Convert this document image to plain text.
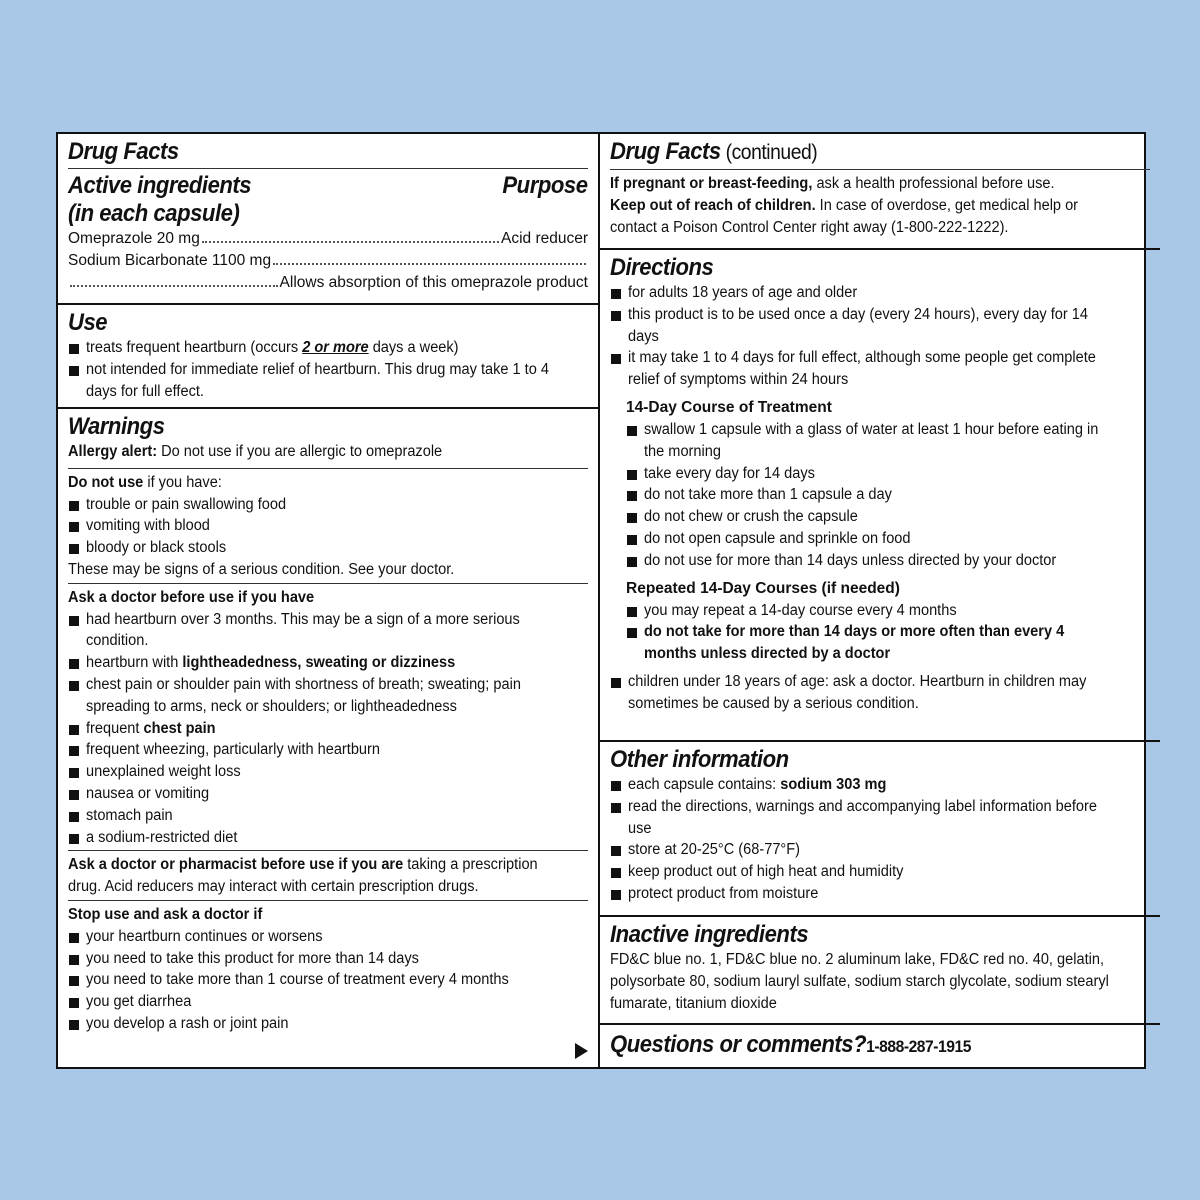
Drug Facts
Active ingredients	Purpose
(in each capsule)
Omeprazole 20 mg	Acid reducer
Sodium Bicarbonate 1100 mg
Allows absorption of this omeprazole product
Use
treats frequent heartburn (occurs 2 or more days a week)
not intended for immediate relief of heartburn. This drug may take 1 to 4 days for full effect.
Warnings
Allergy alert: Do not use if you are allergic to omeprazole
Do not use if you have:
trouble or pain swallowing food
vomiting with blood
bloody or black stools
These may be signs of a serious condition. See your doctor.
Ask a doctor before use if you have
had heartburn over 3 months. This may be a sign of a more serious condition.
heartburn with lightheadedness, sweating or dizziness
chest pain or shoulder pain with shortness of breath; sweating; pain spreading to arms, neck or shoulders; or lightheadedness
frequent chest pain
frequent wheezing, particularly with heartburn
unexplained weight loss
nausea or vomiting
stomach pain
a sodium-restricted diet
Ask a doctor or pharmacist before use if you are taking a prescription drug. Acid reducers may interact with certain prescription drugs.
Stop use and ask a doctor if
your heartburn continues or worsens
you need to take this product for more than 14 days
you need to take more than 1 course of treatment every 4 months
you get diarrhea
you develop a rash or joint pain
Drug Facts (continued)
If pregnant or breast-feeding, ask a health professional before use.
Keep out of reach of children. In case of overdose, get medical help or contact a Poison Control Center right away (1-800-222-1222).
Directions
for adults 18 years of age and older
this product is to be used once a day (every 24 hours), every day for 14 days
it may take 1 to 4 days for full effect, although some people get complete relief of symptoms within 24 hours
14-Day Course of Treatment
swallow 1 capsule with a glass of water at least 1 hour before eating in the morning
take every day for 14 days
do not take more than 1 capsule a day
do not chew or crush the capsule
do not open capsule and sprinkle on food
do not use for more than 14 days unless directed by your doctor
Repeated 14-Day Courses (if needed)
you may repeat a 14-day course every 4 months
do not take for more than 14 days or more often than every 4 months unless directed by a doctor
children under 18 years of age: ask a doctor. Heartburn in children may sometimes be caused by a serious condition.
Other information
each capsule contains: sodium 303 mg
read the directions, warnings and accompanying label information before use
store at 20-25°C (68-77°F)
keep product out of high heat and humidity
protect product from moisture
Inactive ingredients
FD&C blue no. 1, FD&C blue no. 2 aluminum lake, FD&C red no. 40, gelatin, polysorbate 80, sodium lauryl sulfate, sodium starch glycolate, sodium stearyl fumarate, titanium dioxide
Questions or comments?1-888-287-1915
